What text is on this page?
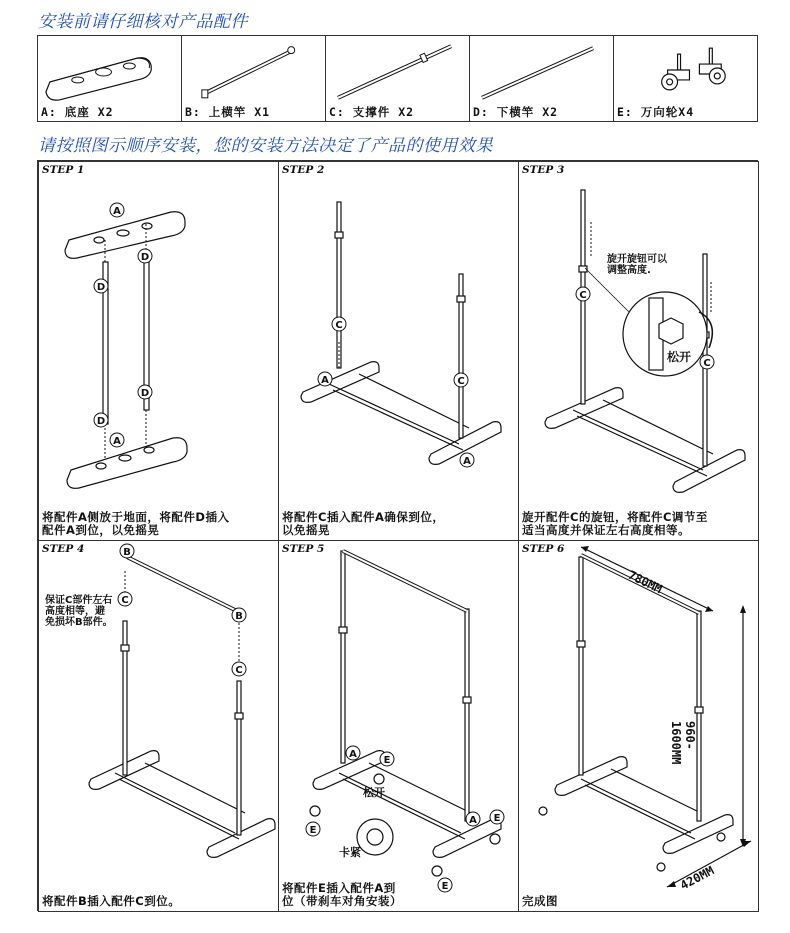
安装前请仔细核对产品配件
A: 底座 X2	B: 上横竿 X1	C: 支撑件 X2	D: 下横竿 X2	E: 万向轮X4
请按照图示顺序安装，您的安装方法决定了产品的使用效果
STEP 1
A
D
D
D
D
A
将配件A侧放于地面，将配件D插入
配件A到位，以免摇晃
STEP 2
C
C
A
A
将配件C插入配件A确保到位，
以免摇晃
STEP 3
C
C
旋开旋钮可以
调整高度.
松开
旋开配件C的旋钮，将配件C调节至
适当高度并保证左右高度相等。
STEP 4	B
C
B
C
保证C部件左右
高度相等，避
免损坏B部件。
将配件B插入配件C到位。
STEP 5
A
E
A E
E
E
松开
卡紧
将配件E插入配件A到
位（带刹车对角安装）
STEP 6
780MM
960-1600MM
420MM
完成图
